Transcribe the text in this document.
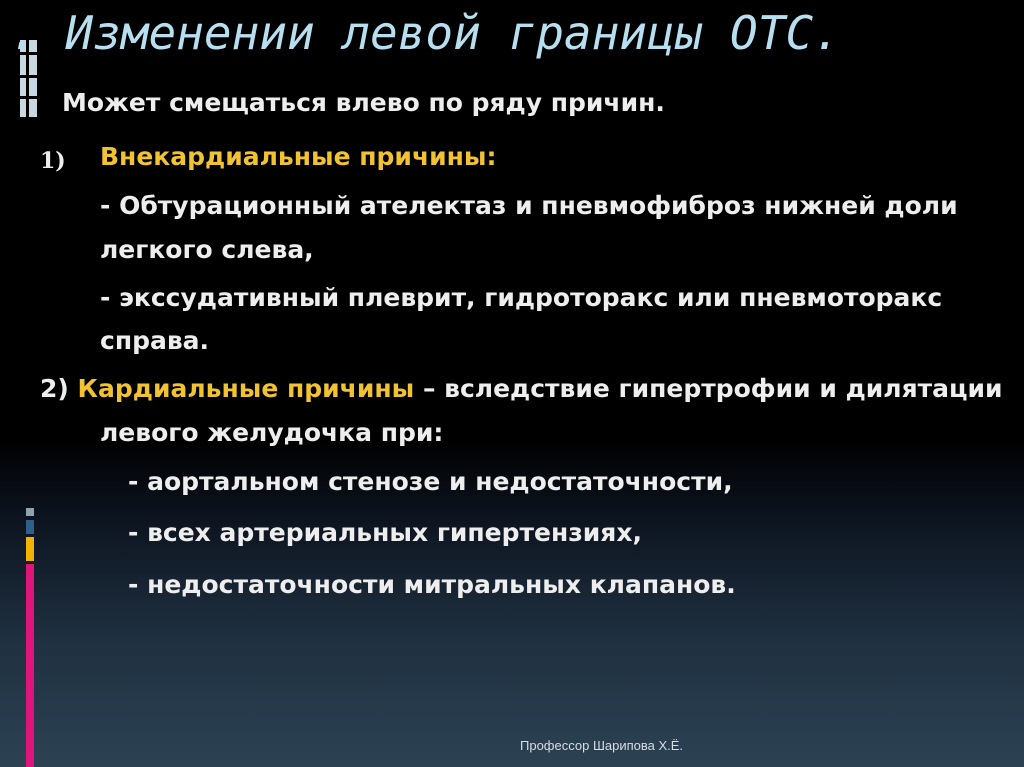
. Изменении левой границы ОТС.
Может смещаться влево по ряду причин.
1) Внекардиальные причины:
- Обтурационный ателектаз и пневмофиброз нижней доли
легкого слева,
- экссудативный плеврит, гидроторакс или пневмоторакс
справа.
2) Кардиальные причины – вследствие гипертрофии и дилятации
левого желудочка при:
- аортальном стенозе и недостаточности,
- всех артериальных гипертензиях,
- недостаточности митральных клапанов.
Профессор Шарипова Х.Ё.
